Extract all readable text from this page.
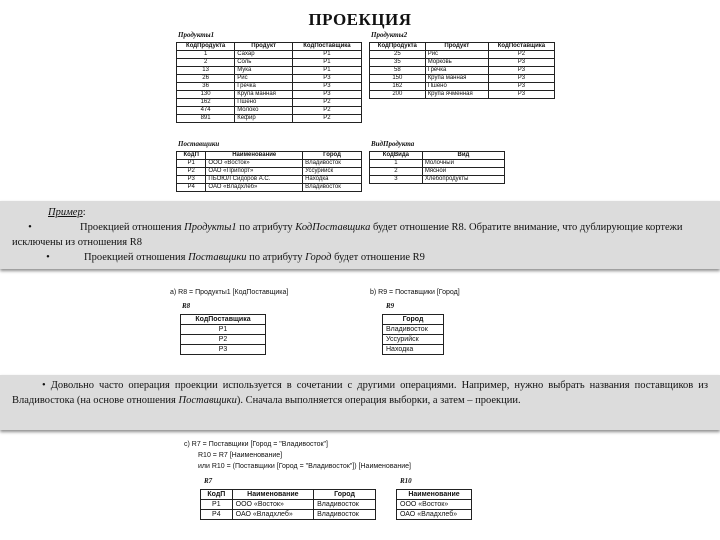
ПРОЕКЦИЯ
Продукты1
КодПродукта	Продукт	КодПоставщика
1	Сахар	P1
2	Соль	P1
13	Мука	P1
26	Рис	P3
36	Гречка	P3
130	Крупа манная	P3
162	Пшено	P2
474	Молоко	P2
891	Кефир	P2
Продукты2
КодПродукта	Продукт	КодПоставщика
25	Рис	P2
35	Морковь	P3
58	Гречка	P3
150	Крупа манная	P3
162	Пшено	P3
200	Крупа ячменная	P3
Поставщики
КодП	Наименование	Город
P1	ООО «Восток»	Владивосток
P2	ОАО «Припорт»	Уссурийск
P3	ПБОЮЛ Сидоров А.С.	Находка
P4	ОАО «Владхлеб»	Владивосток
ВидПродукта
КодВида	Вид
1	Молочный
2	Мясной
3	Хлебопродукты

Пример:

•	Проекцией отношения Продукты1 по атрибуту КодПоставщика будет отношение R8. Обратите внимание, что дублирующие кортежи исключены из отношения R8

•	Проекцией отношения Поставщики по атрибуту Город будет отношение R9

a) R8 = Продукты1 [КодПоставщика]
R8
КодПоставщика
P1
P2
P3
b) R9 = Поставщики [Город]
R9
Город
Владивосток
Уссурийск
Находка

• Довольно часто операция проекции используется в сочетании с другими операциями. Например, нужно выбрать названия поставщиков из Владивостока (на основе отношения Поставщики). Сначала выполняется операция выборки, а затем – проекции.

c) R7 = Поставщики [Город = "Владивосток"]
R10 = R7 [Наименование]
или R10 = (Поставщики [Город = "Владивосток"]) [Наименование]
R7
КодП	Наименование	Город
P1	ООО «Восток»	Владивосток
P4	ОАО «Владхлеб»	Владивосток
R10
Наименование
ООО «Восток»
ОАО «Владхлеб»
